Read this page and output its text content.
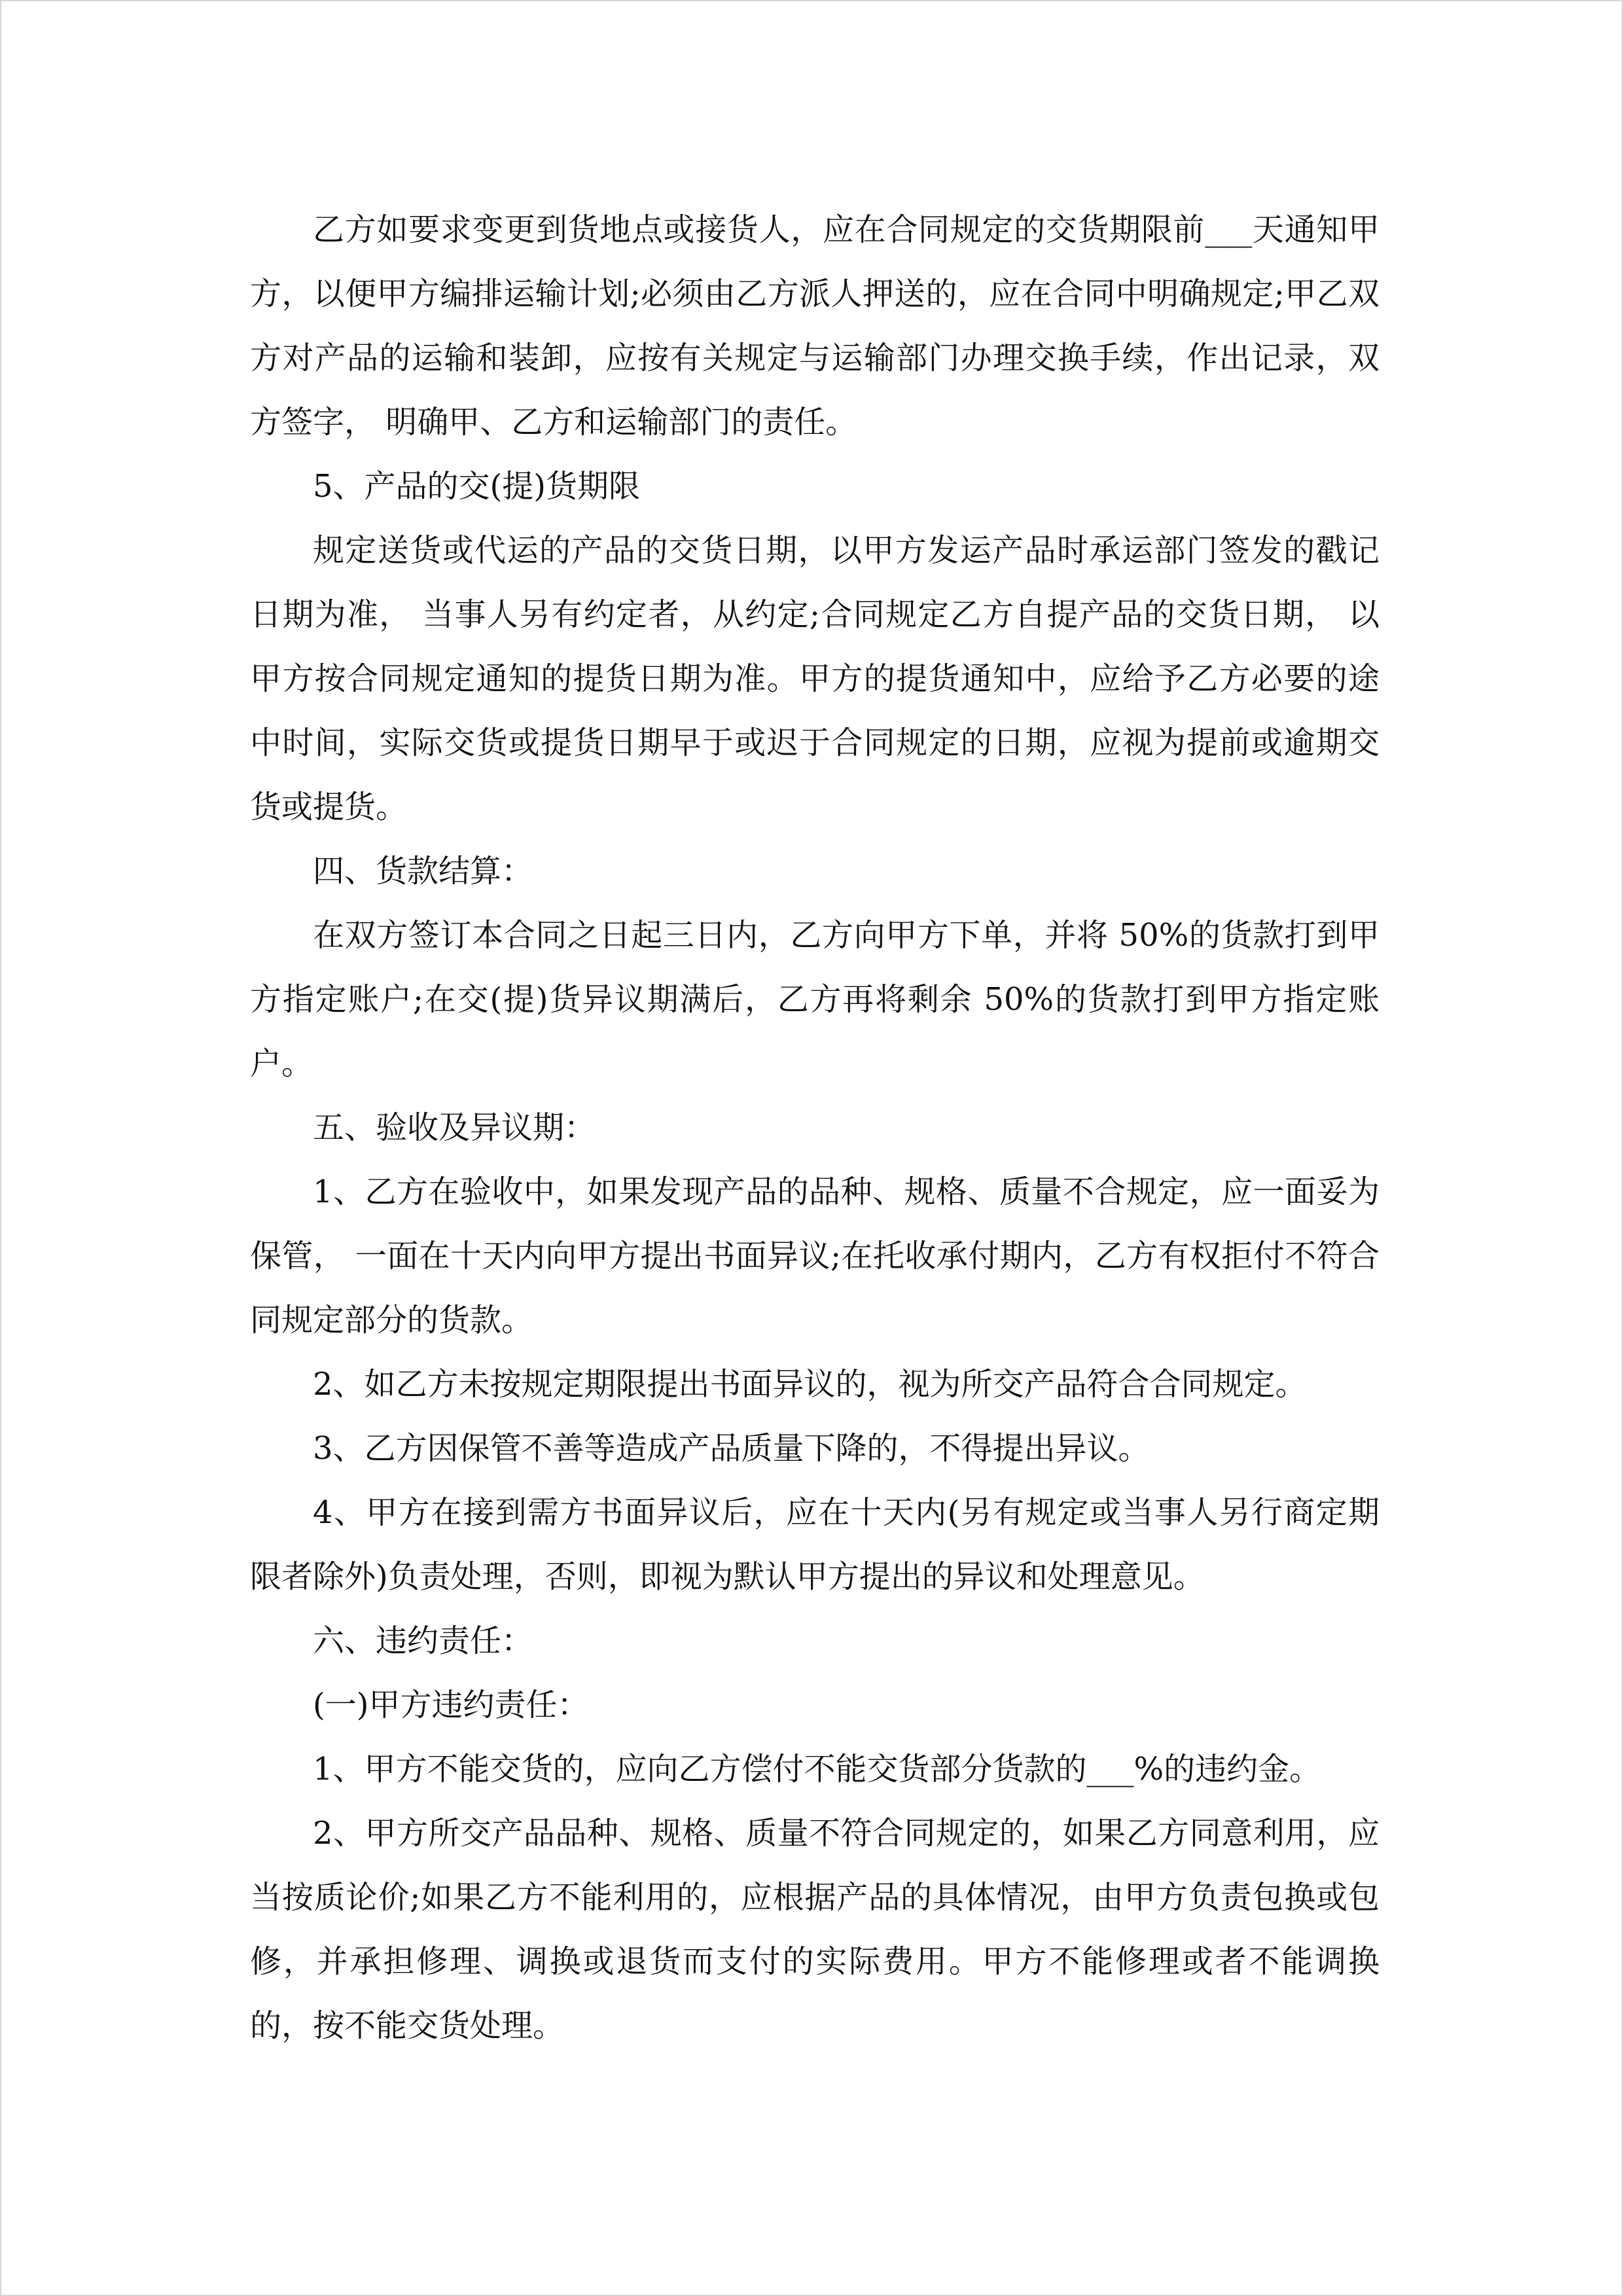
乙方如要求变更到货地点或接货人，应在合同规定的交货期限前___天通知甲方，以便甲方编排运输计划;必须由乙方派人押送的，应在合同中明确规定;甲乙双方对产品的运输和装卸，应按有关规定与运输部门办理交换手续，作出记录，双方签字， 明确甲、乙方和运输部门的责任。

5、产品的交(提)货期限

规定送货或代运的产品的交货日期，以甲方发运产品时承运部门签发的戳记日期为准， 当事人另有约定者，从约定;合同规定乙方自提产品的交货日期， 以甲方按合同规定通知的提货日期为准。甲方的提货通知中，应给予乙方必要的途中时间，实际交货或提货日期早于或迟于合同规定的日期，应视为提前或逾期交货或提货。

四、货款结算：

在双方签订本合同之日起三日内，乙方向甲方下单，并将 50%的货款打到甲方指定账户;在交(提)货异议期满后，乙方再将剩余 50%的货款打到甲方指定账户。

五、验收及异议期：

1、乙方在验收中，如果发现产品的品种、规格、质量不合规定，应一面妥为保管， 一面在十天内向甲方提出书面异议;在托收承付期内，乙方有权拒付不符合同规定部分的货款。

2、如乙方未按规定期限提出书面异议的，视为所交产品符合合同规定。

3、乙方因保管不善等造成产品质量下降的，不得提出异议。

4、甲方在接到需方书面异议后，应在十天内(另有规定或当事人另行商定期限者除外)负责处理，否则，即视为默认甲方提出的异议和处理意见。

六、违约责任：

(一)甲方违约责任：

1、甲方不能交货的，应向乙方偿付不能交货部分货款的___%的违约金。

2、甲方所交产品品种、规格、质量不符合同规定的，如果乙方同意利用，应当按质论价;如果乙方不能利用的，应根据产品的具体情况，由甲方负责包换或包修，并承担修理、调换或退货而支付的实际费用。甲方不能修理或者不能调换的，按不能交货处理。
